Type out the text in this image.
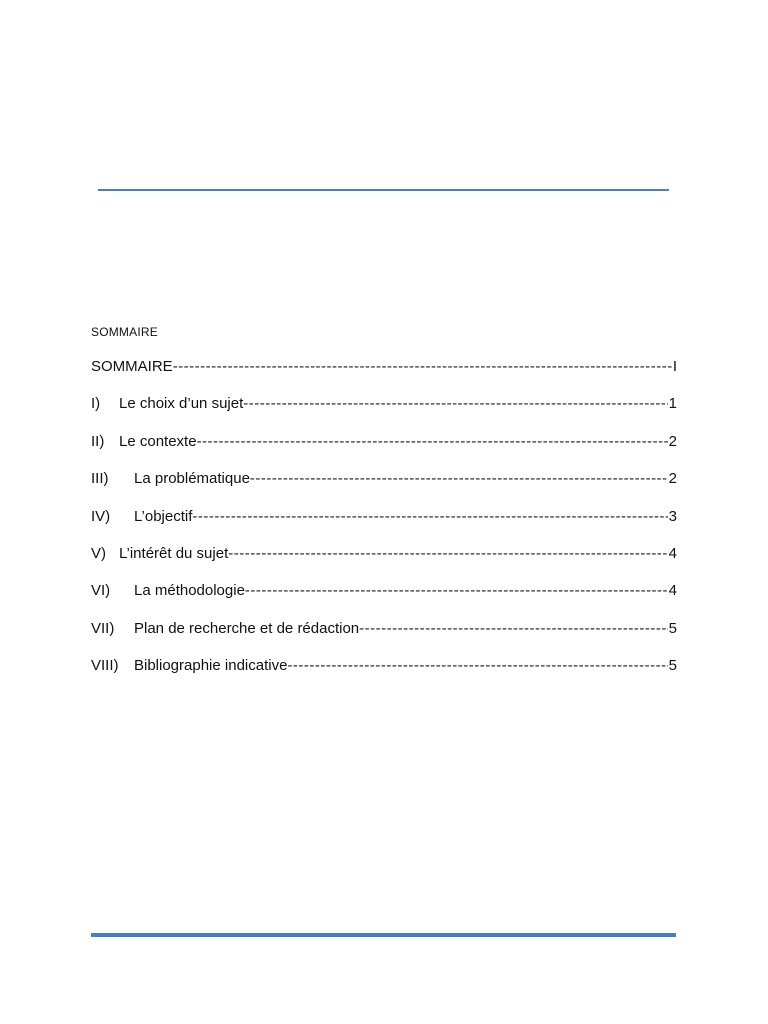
SOMMAIRE
SOMMAIRE -----	I
I)	Le choix d’un sujet -----	1
II) Le contexte -----	2
III)	La problématique -----	2
IV)	L’objectif -----	3
V) L’intérêt du sujet -----	4
VI)	La méthodologie -----	4
VII)	Plan de recherche et de rédaction -----	5
VIII)	Bibliographie indicative -----	5
